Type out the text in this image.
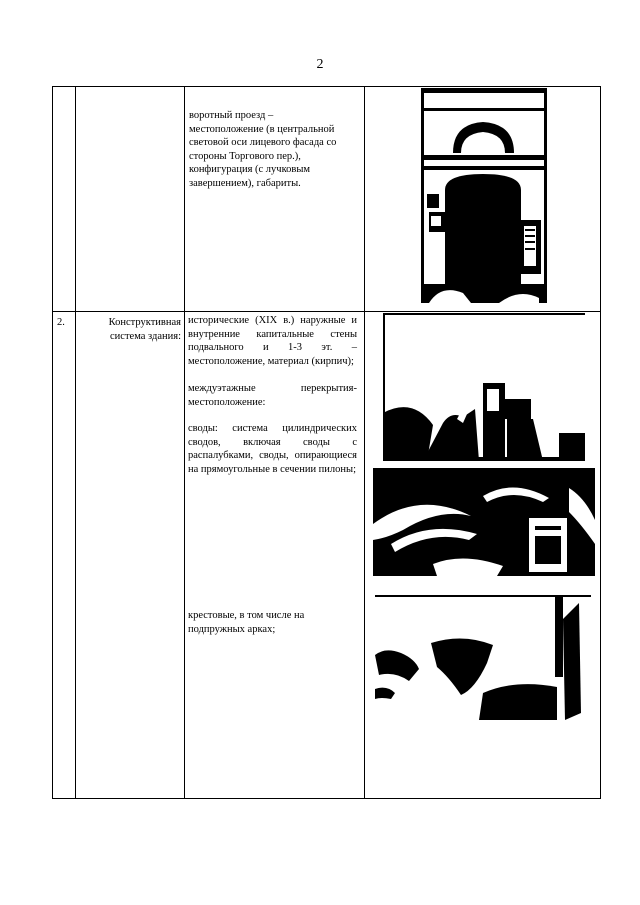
2
воротный проезд –
местоположение (в центральной световой оси лицевого фасада со стороны Торгового пер.), конфигурация (с лучковым завершением), габариты.
2.	Конструктивная система здания:
исторические (XIX в.) наружные и внутренние капитальные стены подвального и 1-3 эт. – местоположение, материал (кирпич);
междуэтажные перекрытия- местоположение:
своды: система цилиндрических сводов, включая своды с распалубками, своды, опирающиеся на прямоугольные в сечении пилоны;
крестовые, в том числе на подпружных арках;
